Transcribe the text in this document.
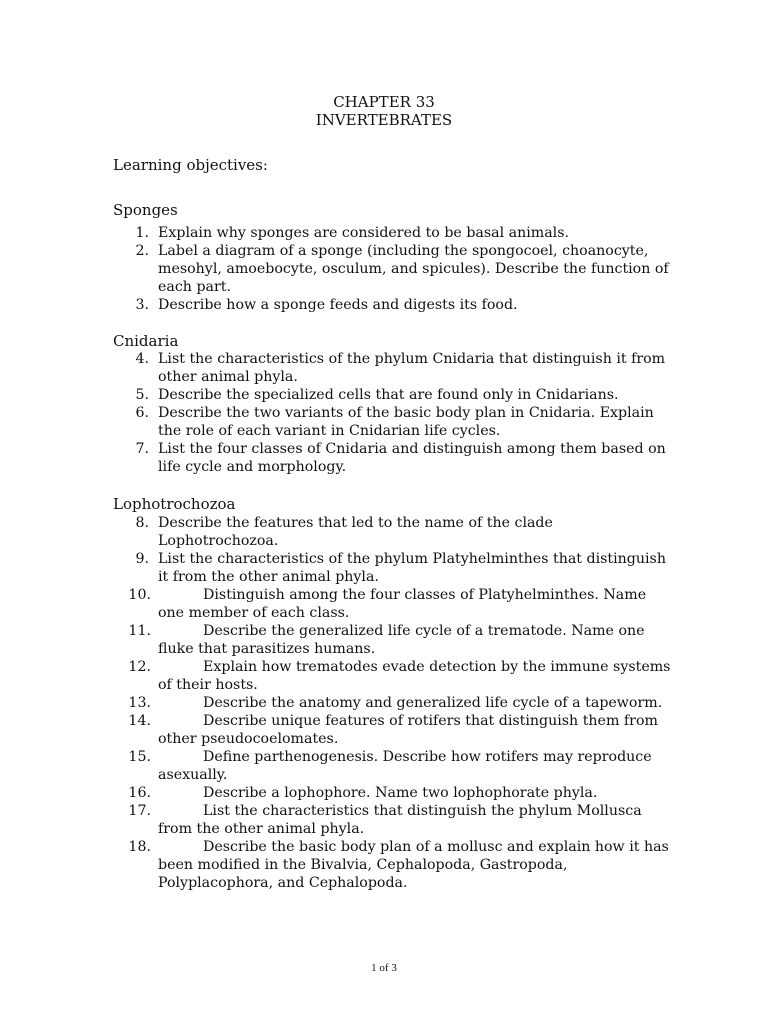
CHAPTER 33
INVERTEBRATES
Learning objectives:
Sponges
1. Explain why sponges are considered to be basal animals.
2. Label a diagram of a sponge (including the spongocoel, choanocyte, mesohyl, amoebocyte, osculum, and spicules). Describe the function of each part.
3. Describe how a sponge feeds and digests its food.
Cnidaria
4. List the characteristics of the phylum Cnidaria that distinguish it from other animal phyla.
5. Describe the specialized cells that are found only in Cnidarians.
6. Describe the two variants of the basic body plan in Cnidaria. Explain the role of each variant in Cnidarian life cycles.
7. List the four classes of Cnidaria and distinguish among them based on life cycle and morphology.
Lophotrochozoa
8. Describe the features that led to the name of the clade Lophotrochozoa.
9. List the characteristics of the phylum Platyhelminthes that distinguish it from the other animal phyla.
10.	Distinguish among the four classes of Platyhelminthes. Name one member of each class.
11.	Describe the generalized life cycle of a trematode. Name one fluke that parasitizes humans.
12.	Explain how trematodes evade detection by the immune systems of their hosts.
13.	Describe the anatomy and generalized life cycle of a tapeworm.
14.	Describe unique features of rotifers that distinguish them from other pseudocoelomates.
15.	Define parthenogenesis. Describe how rotifers may reproduce asexually.
16.	Describe a lophophore. Name two lophophorate phyla.
17.	List the characteristics that distinguish the phylum Mollusca from the other animal phyla.
18.	Describe the basic body plan of a mollusc and explain how it has been modified in the Bivalvia, Cephalopoda, Gastropoda, Polyplacophora, and Cephalopoda.
1 of 3
